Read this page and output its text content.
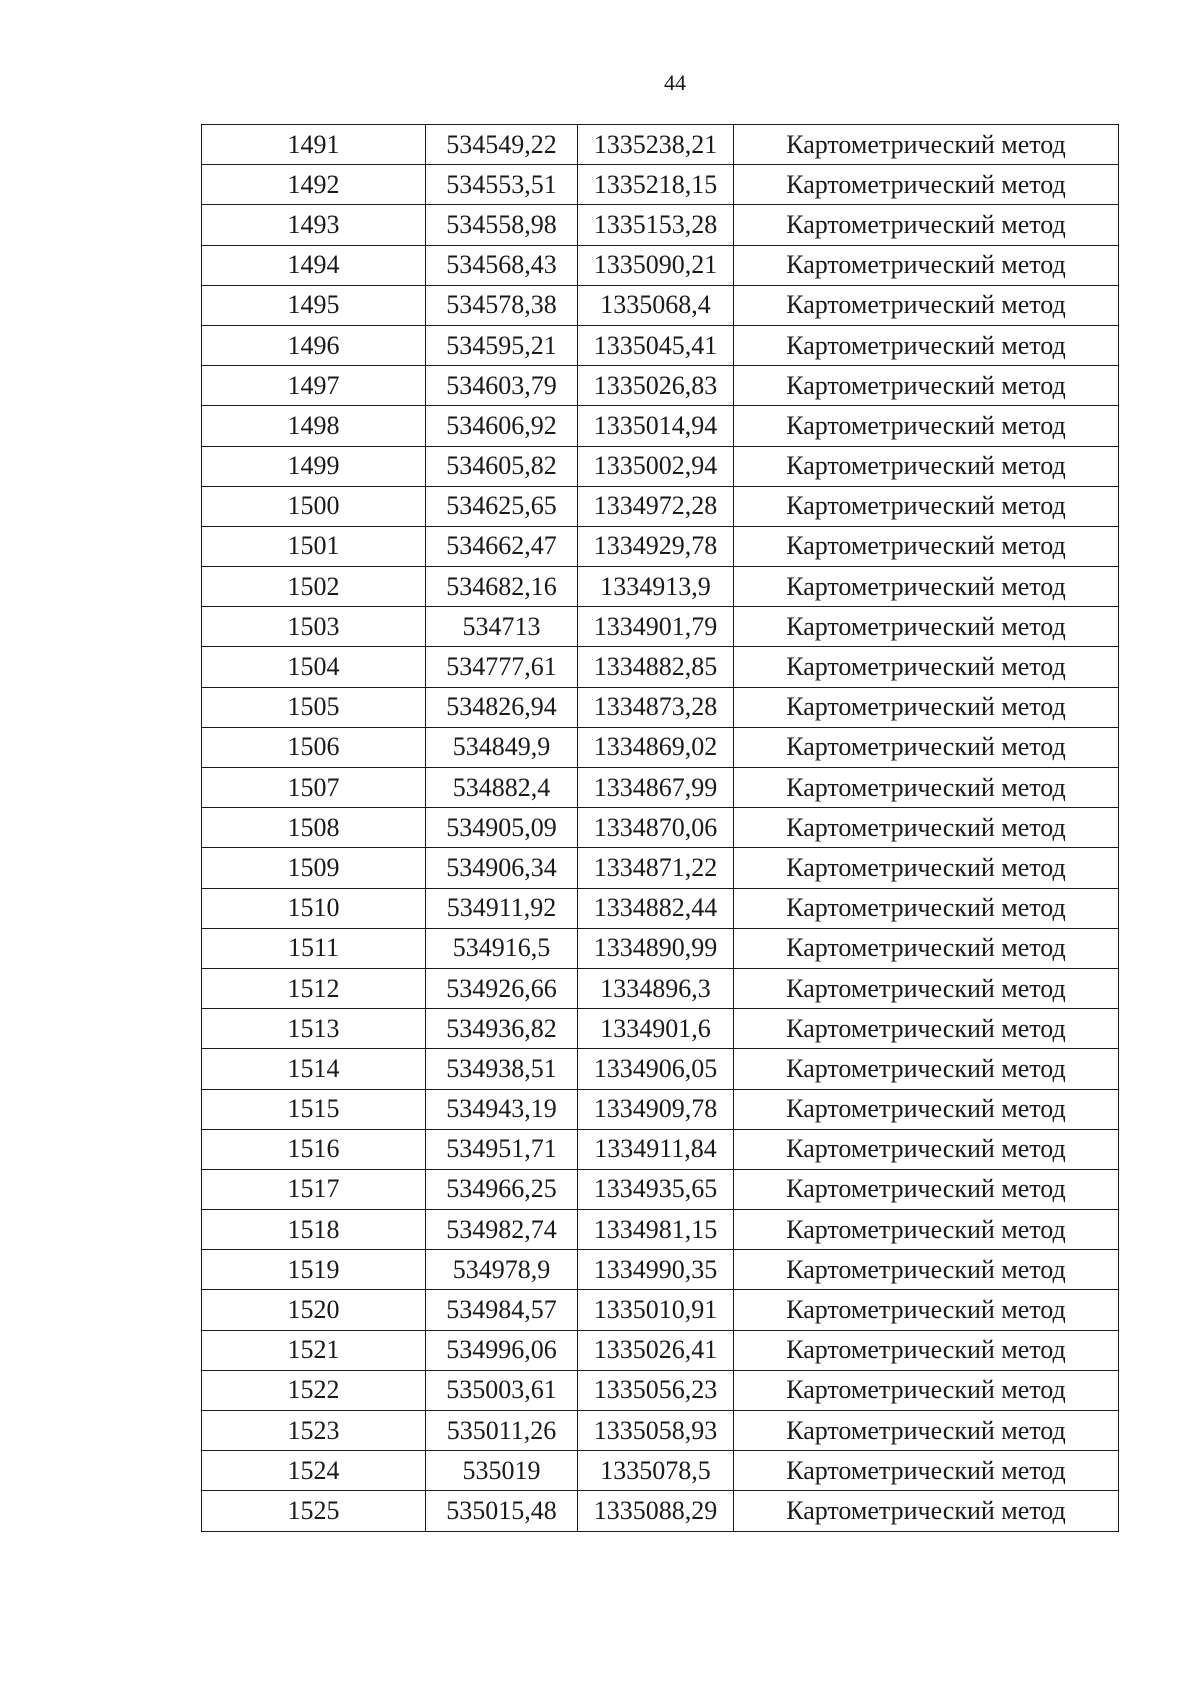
44
1491	534549,22	1335238,21	Картометрический метод
1492	534553,51	1335218,15	Картометрический метод
1493	534558,98	1335153,28	Картометрический метод
1494	534568,43	1335090,21	Картометрический метод
1495	534578,38	1335068,4	Картометрический метод
1496	534595,21	1335045,41	Картометрический метод
1497	534603,79	1335026,83	Картометрический метод
1498	534606,92	1335014,94	Картометрический метод
1499	534605,82	1335002,94	Картометрический метод
1500	534625,65	1334972,28	Картометрический метод
1501	534662,47	1334929,78	Картометрический метод
1502	534682,16	1334913,9	Картометрический метод
1503	534713	1334901,79	Картометрический метод
1504	534777,61	1334882,85	Картометрический метод
1505	534826,94	1334873,28	Картометрический метод
1506	534849,9	1334869,02	Картометрический метод
1507	534882,4	1334867,99	Картометрический метод
1508	534905,09	1334870,06	Картометрический метод
1509	534906,34	1334871,22	Картометрический метод
1510	534911,92	1334882,44	Картометрический метод
1511	534916,5	1334890,99	Картометрический метод
1512	534926,66	1334896,3	Картометрический метод
1513	534936,82	1334901,6	Картометрический метод
1514	534938,51	1334906,05	Картометрический метод
1515	534943,19	1334909,78	Картометрический метод
1516	534951,71	1334911,84	Картометрический метод
1517	534966,25	1334935,65	Картометрический метод
1518	534982,74	1334981,15	Картометрический метод
1519	534978,9	1334990,35	Картометрический метод
1520	534984,57	1335010,91	Картометрический метод
1521	534996,06	1335026,41	Картометрический метод
1522	535003,61	1335056,23	Картометрический метод
1523	535011,26	1335058,93	Картометрический метод
1524	535019	1335078,5	Картометрический метод
1525	535015,48	1335088,29	Картометрический метод
